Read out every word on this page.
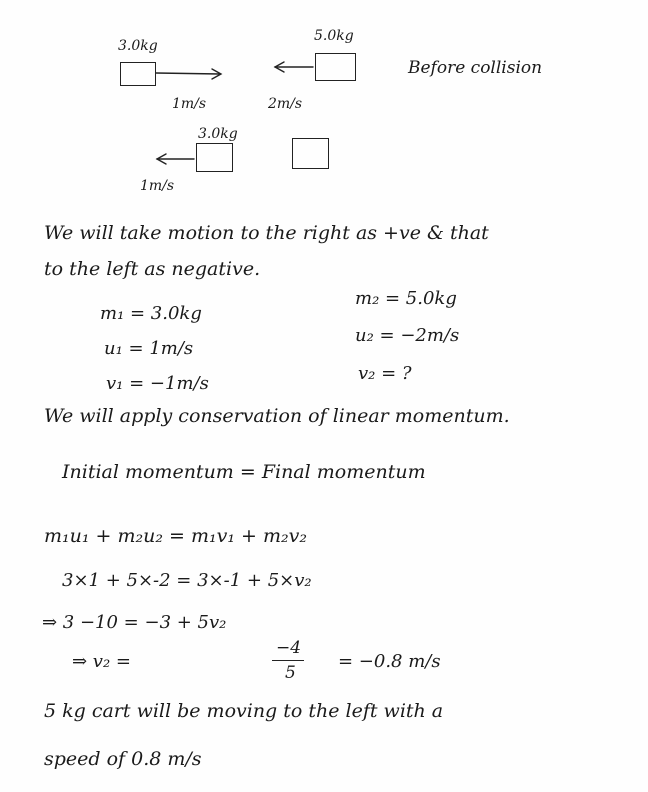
3.0kg
5.0kg
Before collision
1m/s	2m/s
3.0kg
1m/s
We will take motion to the right as +ve & that
to the left as negative.
m₁ = 3.0kg
u₁ = 1m/s
v₁ = −1m/s
m₂ = 5.0kg
u₂ = −2m/s
v₂ = ?
We will apply conservation of linear momentum.
Initial momentum = Final momentum
m₁u₁ + m₂u₂ = m₁v₁ + m₂v₂
3×1 + 5×-2 = 3×-1 + 5×v₂
⇒ 3 −10 = −3 + 5v₂
⇒ v₂ =
−4
5
= −0.8 m/s
5 kg cart will be moving to the left with a
speed of 0.8 m/s
